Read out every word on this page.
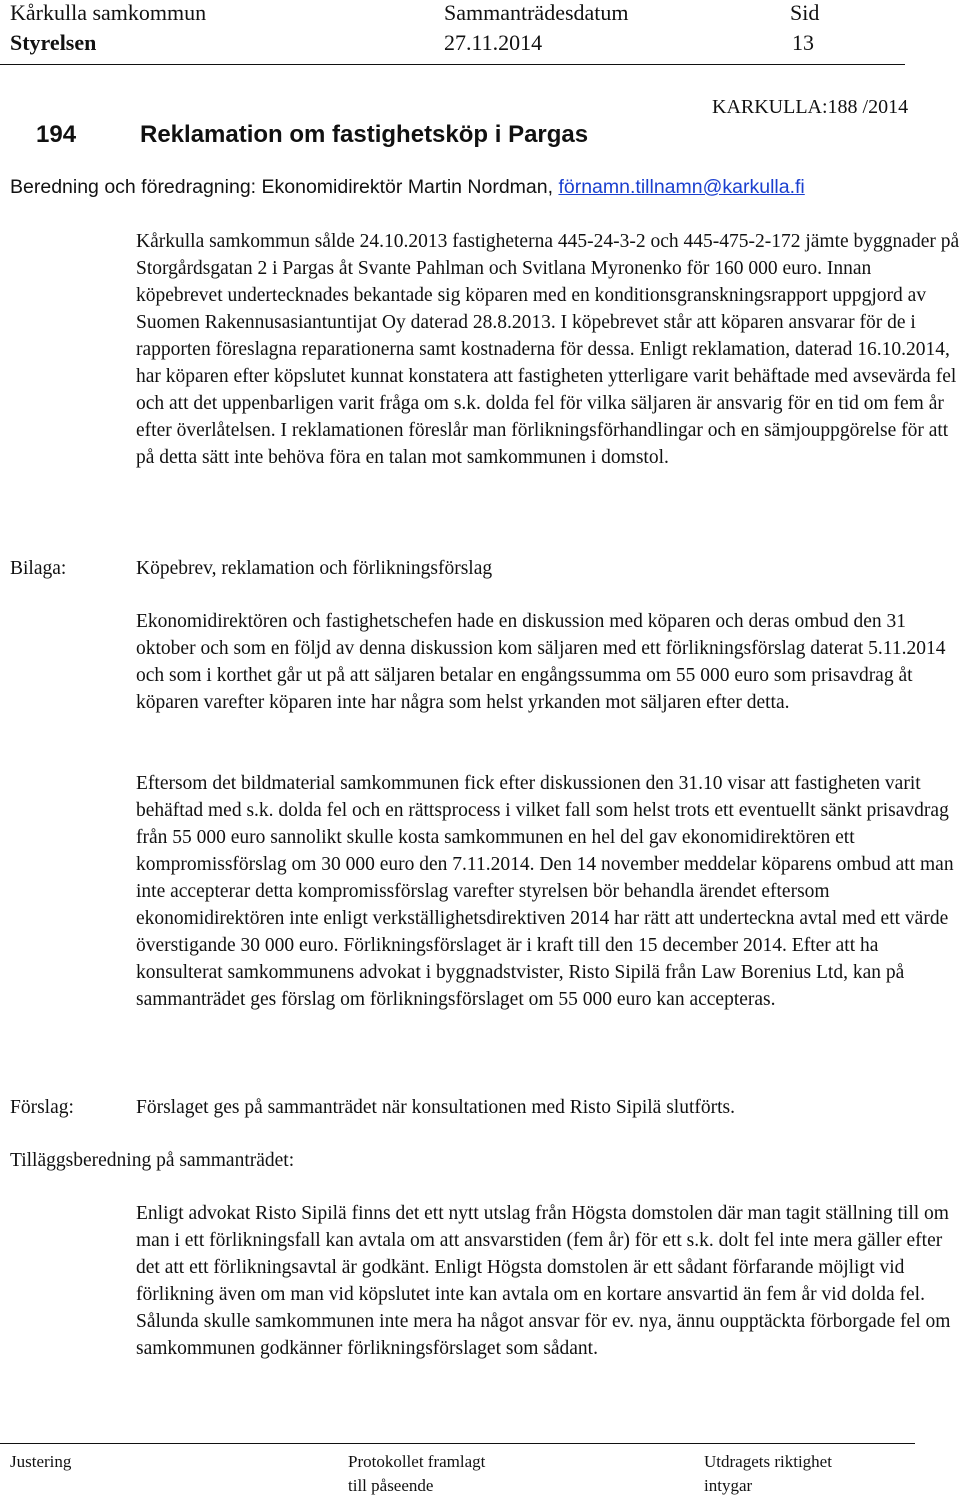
Kårkulla samkommun
Styrelsen
Sammanträdesdatum
27.11.2014
Sid
13
KARKULLA:188 /2014
194	Reklamation om fastighetsköp i Pargas
Beredning och föredragning: Ekonomidirektör Martin Nordman, förnamn.tillnamn@karkulla.fi

Kårkulla samkommun sålde 24.10.2013 fastigheterna 445-24-3-2 och 445-475-2-172 jämte byggnader på Storgårdsgatan 2 i Pargas åt Svante Pahlman och Svitlana Myronenko för 160 000 euro. Innan köpebrevet undertecknades bekantade sig köparen med en konditionsgranskningsrapport uppgjord av Suomen Rakennusasiantuntijat Oy daterad 28.8.2013. I köpebrevet står att köparen ansvarar för de i rapporten föreslagna reparationerna samt kostnaderna för dessa. Enligt reklamation, daterad 16.10.2014, har köparen efter köpslutet kunnat konstatera att fastigheten ytterligare varit behäftade med avsevärda fel och att det uppenbarligen varit fråga om s.k. dolda fel för vilka säljaren är ansvarig för en tid om fem år efter överlåtelsen. I reklamationen föreslår man förlikningsförhandlingar och en sämjouppgörelse för att på detta sätt inte behöva föra en talan mot samkommunen i domstol.

Bilaga:	Köpebrev, reklamation och förlikningsförslag

Ekonomidirektören och fastighetschefen hade en diskussion med köparen och deras ombud den 31 oktober och som en följd av denna diskussion kom säljaren med ett förlikningsförslag daterat 5.11.2014 och som i korthet går ut på att säljaren betalar en engångssumma om 55 000 euro som prisavdrag åt köparen varefter köparen inte har några som helst yrkanden mot säljaren efter detta.

Eftersom det bildmaterial samkommunen fick efter diskussionen den 31.10 visar att fastigheten varit behäftad med s.k. dolda fel och en rättsprocess i vilket fall som helst trots ett eventuellt sänkt prisavdrag från 55 000 euro sannolikt skulle kosta samkommunen en hel del gav ekonomidirektören ett kompromissförslag om 30 000 euro den 7.11.2014. Den 14 november meddelar köparens ombud att man inte accepterar detta kompromissförslag varefter styrelsen bör behandla ärendet eftersom ekonomidirektören inte enligt verkställighetsdirektiven 2014 har rätt att underteckna avtal med ett värde överstigande 30 000 euro. Förlikningsförslaget är i kraft till den 15 december 2014. Efter att ha konsulterat samkommunens advokat i byggnadstvister, Risto Sipilä från Law Borenius Ltd, kan på sammanträdet ges förslag om förlikningsförslaget om 55 000 euro kan accepteras.

Förslag:	Förslaget ges på sammanträdet när konsultationen med Risto Sipilä slutförts.
Tilläggsberedning på sammanträdet:

Enligt advokat Risto Sipilä finns det ett nytt utslag från Högsta domstolen där man tagit ställning till om man i ett förlikningsfall kan avtala om att ansvarstiden (fem år) för ett s.k. dolt fel inte mera gäller efter det att ett förlikningsavtal är godkänt. Enligt Högsta domstolen är ett sådant förfarande möjligt vid förlikning även om man vid köpslutet inte kan avtala om en kortare ansvartid än fem år vid dolda fel. Sålunda skulle samkommunen inte mera ha något ansvar för ev. nya, ännu oupptäckta förborgade fel om samkommunen godkänner förlikningsförslaget som sådant.

Justering	Protokollet framlagt
till påseende
Utdragets riktighet
intygar
